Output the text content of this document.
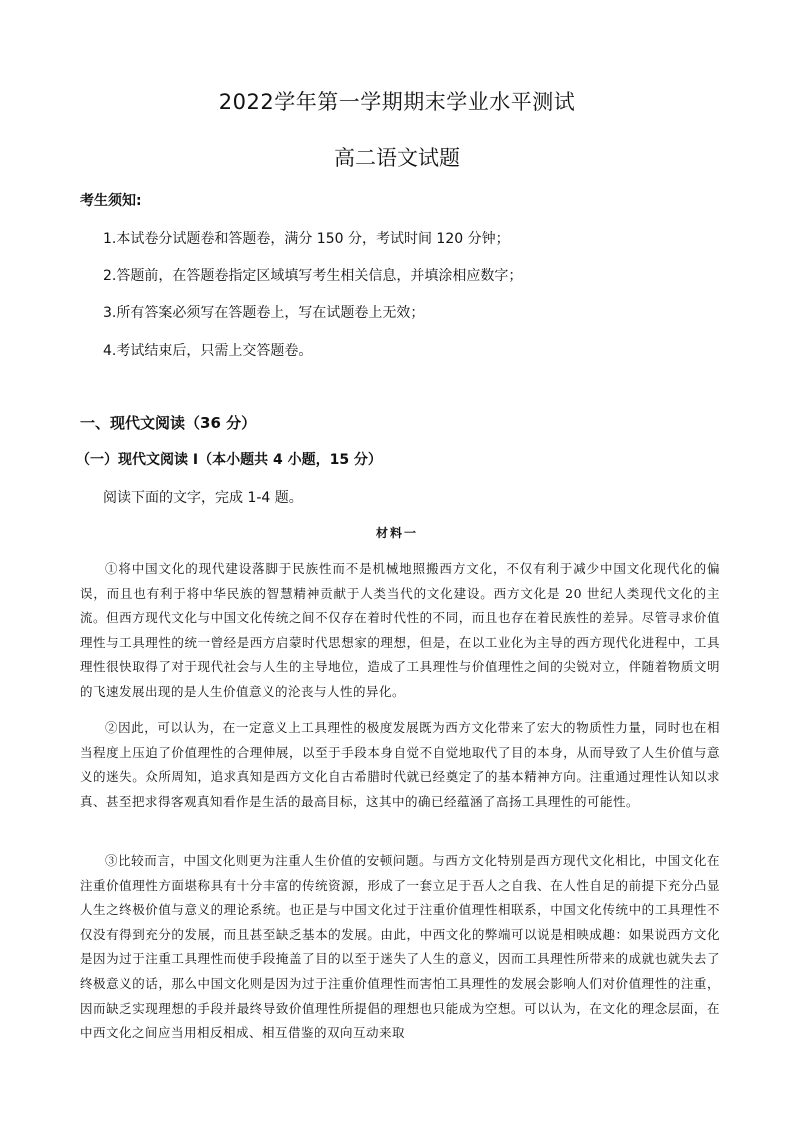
2022学年第一学期期末学业水平测试
高二语文试题
考生须知:
1.本试卷分试题卷和答题卷，满分 150 分，考试时间 120 分钟；
2.答题前，在答题卷指定区域填写考生相关信息，并填涂相应数字；
3.所有答案必须写在答题卷上，写在试题卷上无效；
4.考试结束后，只需上交答题卷。
一、现代文阅读（36 分）
（一）现代文阅读 I（本小题共 4 小题，15 分）
阅读下面的文字，完成 1-4 题。
材料一
①将中国文化的现代建设落脚于民族性而不是机械地照搬西方文化，不仅有利于减少中国文化现代化的偏误，而且也有利于将中华民族的智慧精神贡献于人类当代的文化建设。西方文化是 20 世纪人类现代文化的主流。但西方现代文化与中国文化传统之间不仅存在着时代性的不同，而且也存在着民族性的差异。尽管寻求价值理性与工具理性的统一曾经是西方启蒙时代思想家的理想，但是，在以工业化为主导的西方现代化进程中，工具理性很快取得了对于现代社会与人生的主导地位，造成了工具理性与价值理性之间的尖锐对立，伴随着物质文明的飞速发展出现的是人生价值意义的沦丧与人性的异化。
②因此，可以认为，在一定意义上工具理性的极度发展既为西方文化带来了宏大的物质性力量，同时也在相当程度上压迫了价值理性的合理伸展，以至于手段本身自觉不自觉地取代了目的本身，从而导致了人生价值与意义的迷失。众所周知，追求真知是西方文化自古希腊时代就已经奠定了的基本精神方向。注重通过理性认知以求真、甚至把求得客观真知看作是生活的最高目标，这其中的确已经蕴涵了高扬工具理性的可能性。
③比较而言，中国文化则更为注重人生价值的安顿问题。与西方文化特别是西方现代文化相比，中国文化在注重价值理性方面堪称具有十分丰富的传统资源，形成了一套立足于吾人之自我、在人性自足的前提下充分凸显人生之终极价值与意义的理论系统。也正是与中国文化过于注重价值理性相联系，中国文化传统中的工具理性不仅没有得到充分的发展，而且甚至缺乏基本的发展。由此，中西文化的弊端可以说是相映成趣：如果说西方文化是因为过于注重工具理性而使手段掩盖了目的以至于迷失了人生的意义，因而工具理性所带来的成就也就失去了终极意义的话，那么中国文化则是因为过于注重价值理性而害怕工具理性的发展会影响人们对价值理性的注重，因而缺乏实现理想的手段并最终导致价值理性所提倡的理想也只能成为空想。可以认为，在文化的理念层面，在中西文化之间应当用相反相成、相互借鉴的双向互动来取
